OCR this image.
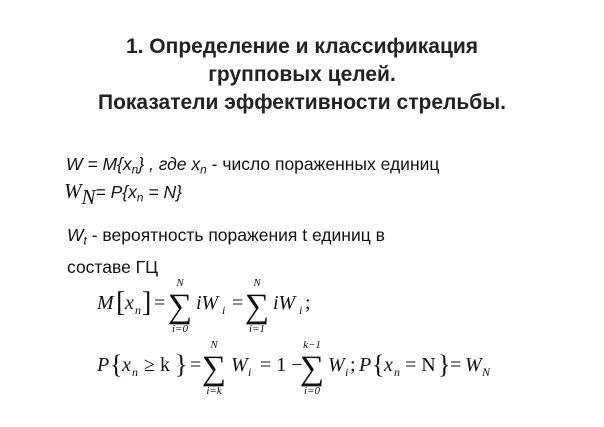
1. Определение и классификация
групповых целей.
Показатели эффективности стрельбы.
$W = M\{x_n\}$ , где $x_n$ - число пораженных единиц
$W_N= P\{x_n = N\}$
$W_t$ - вероятность поражения t единиц в
составе ГЦ
M [ x n ] =
N
∑
i=0
iW i =
N
∑
i=1
iW i ;
P { x n ≥ k } =
N
∑
i=k
W i = 1 −
k−1
∑
i=0
W i ; P { x n = N } = W N
